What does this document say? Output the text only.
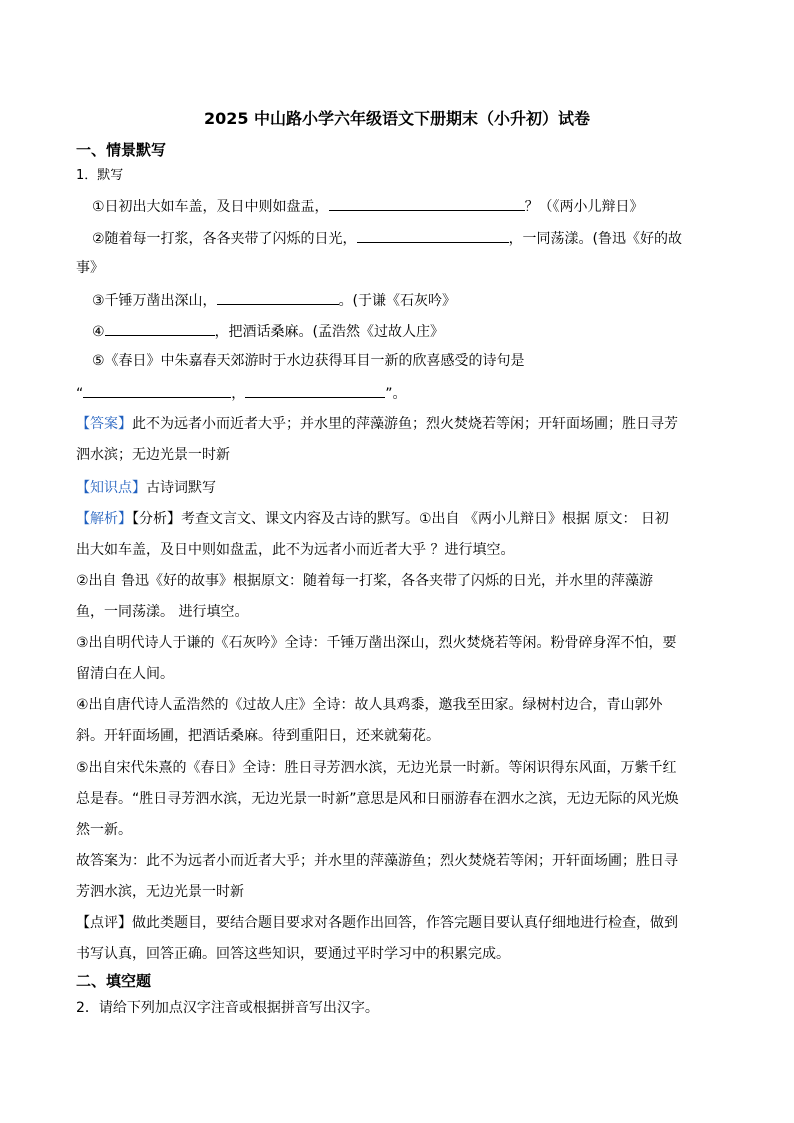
2025 中山路小学六年级语文下册期末（小升初）试卷
一、情景默写
1．默写
①日初出大如车盖，及日中则如盘盂，	？（《两小儿辩日》
②随着每一打浆，各各夹带了闪烁的日光，	，一同荡漾。(鲁迅《好的故
事》
③千锤万凿出深山，	。(于谦《石灰吟》
④	，把酒话桑麻。(孟浩然《过故人庄》
⑤《春日》中朱嘉春天郊游时于水边获得耳目一新的欣喜感受的诗句是
“	，	”。
【答案】此不为远者小而近者大乎；并水里的萍藻游鱼；烈火焚烧若等闲；开轩面场圃；胜日寻芳
泗水滨；无边光景一时新
【知识点】古诗词默写
【解析】【分析】考查文言文、课文内容及古诗的默写。①出自 《两小儿辩日》根据 原文： 日初
出大如车盖，及日中则如盘盂，此不为远者小而近者大乎 ？进行填空。
②出自 鲁迅《好的故事》根据原文：随着每一打桨，各各夹带了闪烁的日光，并水里的萍藻游
鱼，一同荡漾。 进行填空。
③出自明代诗人于谦的《石灰吟》全诗：千锤万凿出深山，烈火焚烧若等闲。粉骨碎身浑不怕，要
留清白在人间。
④出自唐代诗人孟浩然的《过故人庄》全诗：故人具鸡黍，邀我至田家。绿树村边合，青山郭外
斜。开轩面场圃，把酒话桑麻。待到重阳日，还来就菊花。
⑤出自宋代朱熹的《春日》全诗：胜日寻芳泗水滨，无边光景一时新。等闲识得东风面，万紫千红
总是春。“胜日寻芳泗水滨，无边光景一时新”意思是风和日丽游春在泗水之滨，无边无际的风光焕
然一新。
故答案为：此不为远者小而近者大乎；并水里的萍藻游鱼；烈火焚烧若等闲；开轩面场圃；胜日寻
芳泗水滨，无边光景一时新
【点评】做此类题目，要结合题目要求对各题作出回答，作答完题目要认真仔细地进行检查，做到
书写认真，回答正确。回答这些知识，要通过平时学习中的积累完成。
二、填空题
2．请给下列加点汉字注音或根据拼音写出汉字。
